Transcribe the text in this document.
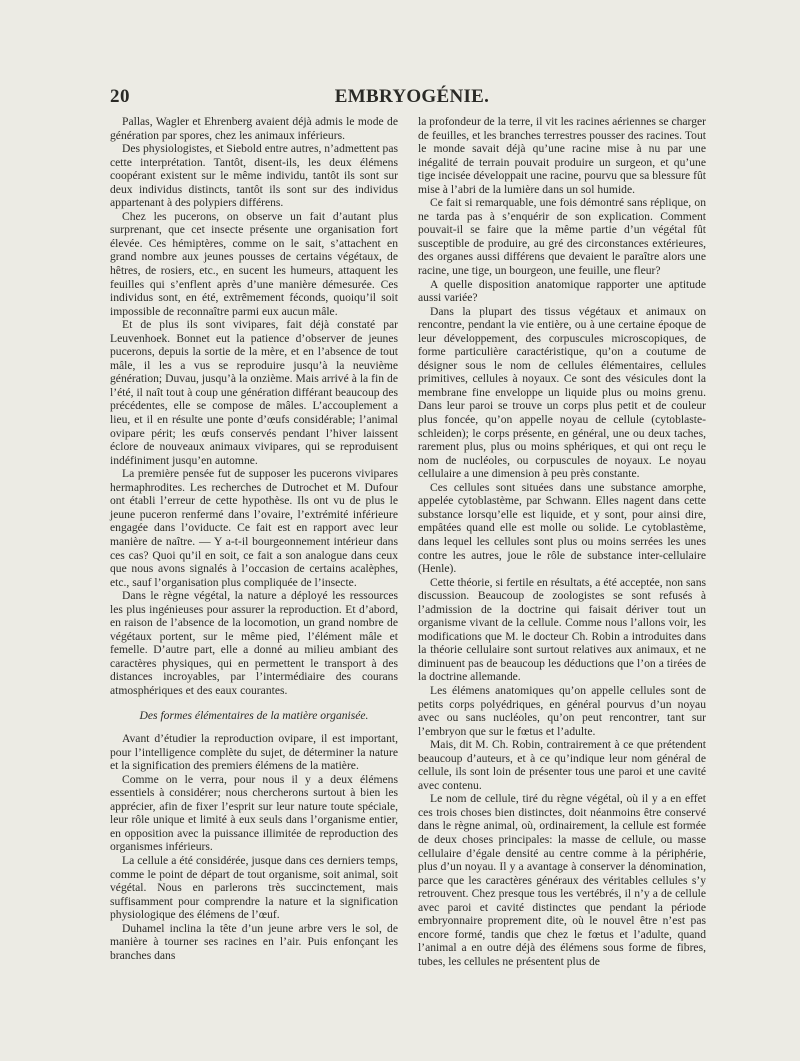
20	EMBRYOGÉNIE.

Pallas, Wagler et Ehrenberg avaient déjà admis le mode de génération par spores, chez les animaux inférieurs.

Des physiologistes, et Siebold entre autres, n’admettent pas cette interprétation. Tantôt, disent-ils, les deux élémens coopérant existent sur le même individu, tantôt ils sont sur deux individus distincts, tantôt ils sont sur des individus appartenant à des polypiers différens.

Chez les pucerons, on observe un fait d’autant plus surprenant, que cet insecte présente une organisation fort élevée. Ces hémiptères, comme on le sait, s’attachent en grand nombre aux jeunes pousses de certains végétaux, de hêtres, de rosiers, etc., en sucent les humeurs, attaquent les feuilles qui s’enflent après d’une manière démesurée. Ces individus sont, en été, extrêmement féconds, quoiqu’il soit impossible de reconnaître parmi eux aucun mâle.

Et de plus ils sont vivipares, fait déjà constaté par Leuvenhoek. Bonnet eut la patience d’observer de jeunes pucerons, depuis la sortie de la mère, et en l’absence de tout mâle, il les a vus se reproduire jusqu’à la neuvième génération; Duvau, jusqu’à la onzième. Mais arrivé à la fin de l’été, il naît tout à coup une génération différant beaucoup des précédentes, elle se compose de mâles. L’accouplement a lieu, et il en résulte une ponte d’œufs considérable; l’animal ovipare périt; les œufs conservés pendant l’hiver laissent éclore de nouveaux animaux vivipares, qui se reproduisent indéfiniment jusqu’en automne.

La première pensée fut de supposer les pucerons vivipares hermaphrodites. Les recherches de Dutrochet et M. Dufour ont établi l’erreur de cette hypothèse. Ils ont vu de plus le jeune puceron renfermé dans l’ovaire, l’extrémité inférieure engagée dans l’oviducte. Ce fait est en rapport avec leur manière de naître. — Y a-t-il bourgeonnement intérieur dans ces cas? Quoi qu’il en soit, ce fait a son analogue dans ceux que nous avons signalés à l’occasion de certains acalèphes, etc., sauf l’organisation plus compliquée de l’insecte.

Dans le règne végétal, la nature a déployé les ressources les plus ingénieuses pour assurer la reproduction. Et d’abord, en raison de l’absence de la locomotion, un grand nombre de végétaux portent, sur le même pied, l’élément mâle et femelle. D’autre part, elle a donné au milieu ambiant des caractères physiques, qui en permettent le transport à des distances incroyables, par l’intermédiaire des courans atmosphériques et des eaux courantes.

Des formes élémentaires de la matière organisée.

Avant d’étudier la reproduction ovipare, il est important, pour l’intelligence complète du sujet, de déterminer la nature et la signification des premiers élémens de la matière.

Comme on le verra, pour nous il y a deux élémens essentiels à considérer; nous chercherons surtout à bien les apprécier, afin de fixer l’esprit sur leur nature toute spéciale, leur rôle unique et limité à eux seuls dans l’organisme entier, en opposition avec la puissance illimitée de reproduction des organismes inférieurs.

La cellule a été considérée, jusque dans ces derniers temps, comme le point de départ de tout organisme, soit animal, soit végétal. Nous en parlerons très succinctement, mais suffisamment pour comprendre la nature et la signification physiologique des élémens de l’œuf.

Duhamel inclina la tête d’un jeune arbre vers le sol, de manière à tourner ses racines en l’air. Puis enfonçant les branches dans

la profondeur de la terre, il vit les racines aériennes se charger de feuilles, et les branches terrestres pousser des racines. Tout le monde savait déjà qu’une racine mise à nu par une inégalité de terrain pouvait produire un surgeon, et qu’une tige incisée développait une racine, pourvu que sa blessure fût mise à l’abri de la lumière dans un sol humide.

Ce fait si remarquable, une fois démontré sans réplique, on ne tarda pas à s’enquérir de son explication. Comment pouvait-il se faire que la même partie d’un végétal fût susceptible de produire, au gré des circonstances extérieures, des organes aussi différens que devaient le paraître alors une racine, une tige, un bourgeon, une feuille, une fleur?

A quelle disposition anatomique rapporter une aptitude aussi variée?

Dans la plupart des tissus végétaux et animaux on rencontre, pendant la vie entière, ou à une certaine époque de leur développement, des corpuscules microscopiques, de forme particulière caractéristique, qu’on a coutume de désigner sous le nom de cellules élémentaires, cellules primitives, cellules à noyaux. Ce sont des vésicules dont la membrane fine enveloppe un liquide plus ou moins grenu. Dans leur paroi se trouve un corps plus petit et de couleur plus foncée, qu’on appelle noyau de cellule (cytoblaste-schleiden); le corps présente, en général, une ou deux taches, rarement plus, plus ou moins sphériques, et qui ont reçu le nom de nucléoles, ou corpuscules de noyaux. Le noyau cellulaire a une dimension à peu près constante.

Ces cellules sont situées dans une substance amorphe, appelée cytoblastème, par Schwann. Elles nagent dans cette substance lorsqu’elle est liquide, et y sont, pour ainsi dire, empâtées quand elle est molle ou solide. Le cytoblastème, dans lequel les cellules sont plus ou moins serrées les unes contre les autres, joue le rôle de substance inter-cellulaire (Henle).

Cette théorie, si fertile en résultats, a été acceptée, non sans discussion. Beaucoup de zoologistes se sont refusés à l’admission de la doctrine qui faisait dériver tout un organisme vivant de la cellule. Comme nous l’allons voir, les modifications que M. le docteur Ch. Robin a introduites dans la théorie cellulaire sont surtout relatives aux animaux, et ne diminuent pas de beaucoup les déductions que l’on a tirées de la doctrine allemande.

Les élémens anatomiques qu’on appelle cellules sont de petits corps polyédriques, en général pourvus d’un noyau avec ou sans nucléoles, qu’on peut rencontrer, tant sur l’embryon que sur le fœtus et l’adulte.

Mais, dit M. Ch. Robin, contrairement à ce que prétendent beaucoup d’auteurs, et à ce qu’indique leur nom général de cellule, ils sont loin de présenter tous une paroi et une cavité avec contenu.

Le nom de cellule, tiré du règne végétal, où il y a en effet ces trois choses bien distinctes, doit néanmoins être conservé dans le règne animal, où, ordinairement, la cellule est formée de deux choses principales: la masse de cellule, ou masse cellulaire d’égale densité au centre comme à la périphérie, plus d’un noyau. Il y a avantage à conserver la dénomination, parce que les caractères généraux des véritables cellules s’y retrouvent. Chez presque tous les vertébrés, il n’y a de cellule avec paroi et cavité distinctes que pendant la période embryonnaire proprement dite, où le nouvel être n’est pas encore formé, tandis que chez le fœtus et l’adulte, quand l’animal a en outre déjà des élémens sous forme de fibres, tubes, les cellules ne présentent plus de
